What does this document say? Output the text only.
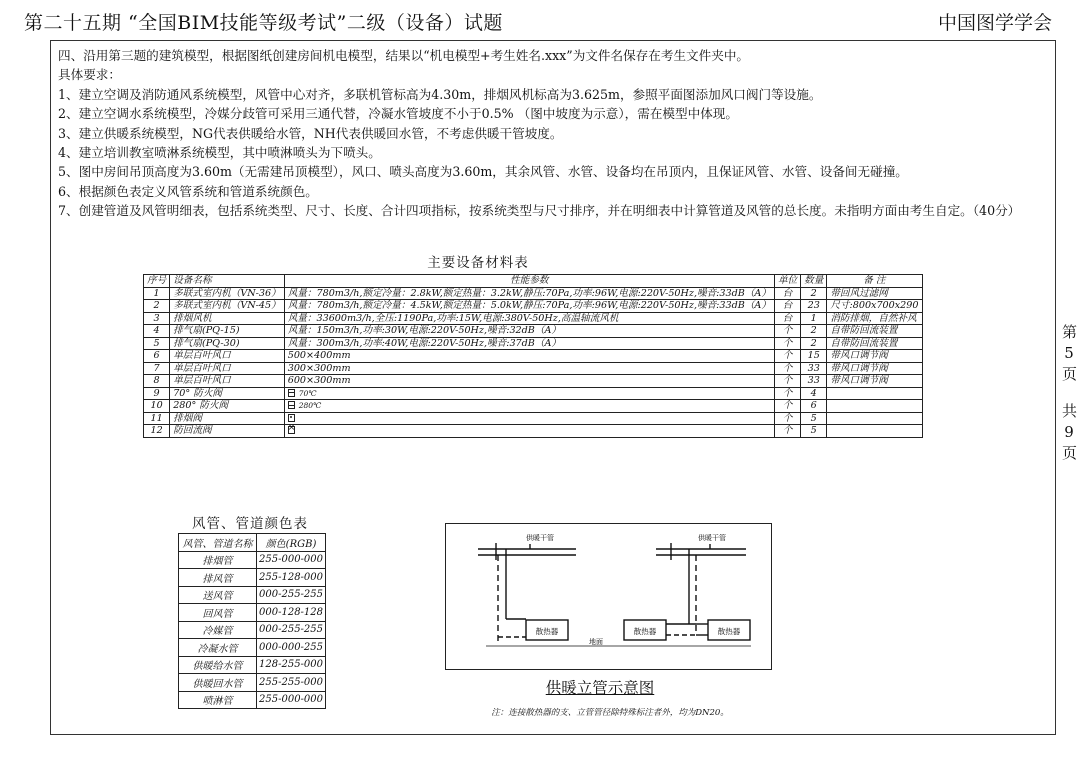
第二十五期 “全国BIM技能等级考试”二级（设备）试题	中国图学学会
四、沿用第三题的建筑模型，根据图纸创建房间机电模型，结果以“机电模型+考生姓名.xxx”为文件名保存在考生文件夹中。
具体要求：
1、建立空调及消防通风系统模型，风管中心对齐，多联机管标高为4.30m，排烟风机标高为3.625m，参照平面图添加风口阀门等设施。
2、建立空调水系统模型，冷媒分歧管可采用三通代替，冷凝水管坡度不小于0.5% （图中坡度为示意），需在模型中体现。
3、建立供暖系统模型，NG代表供暖给水管，NH代表供暖回水管，不考虑供暖干管坡度。
4、建立培训教室喷淋系统模型，其中喷淋喷头为下喷头。
5、图中房间吊顶高度为3.60m（无需建吊顶模型），风口、喷头高度为3.60m，其余风管、水管、设备均在吊顶内，且保证风管、水管、设备间无碰撞。
6、根据颜色表定义风管系统和管道系统颜色。
7、创建管道及风管明细表，包括系统类型、尺寸、长度、合计四项指标，按系统类型与尺寸排序，并在明细表中计算管道及风管的总长度。未指明方面由考生自定。（40分）
第
5
页
共
9
页
主要设备材料表
序号	设备名称	性能参数	单位	数量	备 注
1	多联式室内机（VN-36）	风量：780m3/h,额定冷量：2.8kW,额定热量：3.2kW,静压:70Pa,功率:96W,电源:220V-50Hz,噪音:33dB（A）	台	2	带回风过滤网
2	多联式室内机（VN-45）	风量：780m3/h,额定冷量：4.5kW,额定热量：5.0kW,静压:70Pa,功率:96W,电源:220V-50Hz,噪音:33dB（A）	台	23	尺寸:800x700x290
3	排烟风机	风量：33600m3/h,全压:1190Pa,功率:15W,电源:380V-50Hz,高温轴流风机	台	1	消防排烟，自然补风
4	排气扇(PQ-15)	风量：150m3/h,功率:30W,电源:220V-50Hz,噪音:32dB（A）	个	2	自带防回流装置
5	排气扇(PQ-30)	风量：300m3/h,功率:40W,电源:220V-50Hz,噪音:37dB（A）	个	2	自带防回流装置
6	单层百叶风口	500×400mm	个	15	带风口调节阀
7	单层百叶风口	300×300mm	个	33	带风口调节阀
8	单层百叶风口	600×300mm	个	33	带风口调节阀
9	70° 防火阀	70℃	个	4	
10	280° 防火阀	280℃	个	6	
11	排烟阀		个	5	
12	防回流阀	×	个	5	
风管、管道颜色表
风管、管道名称	颜色(RGB)
排烟管	255-000-000
排风管	255-128-000
送风管	000-255-255
回风管	000-128-128
冷媒管	000-255-255
冷凝水管	000-000-255
供暖给水管	128-255-000
供暖回水管	255-255-000
喷淋管	255-000-000
供暖干管	供暖干管
散热器	散热器	散热器
地面
供暖立管示意图
注：连接散热器的支、立管管径除特殊标注者外，均为DN20。
